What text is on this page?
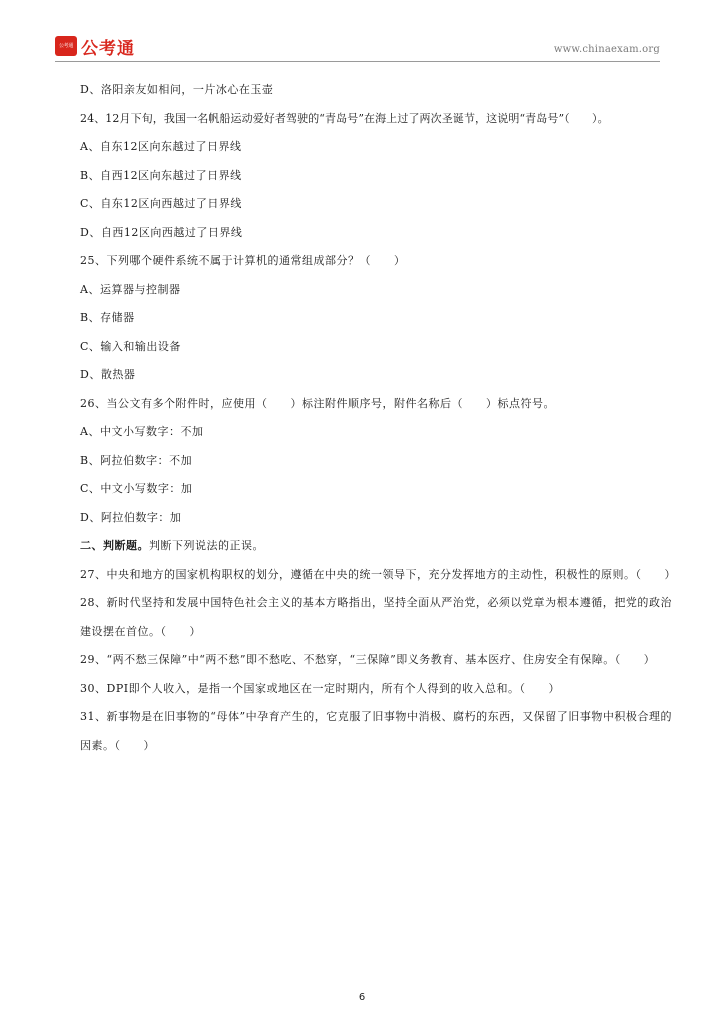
公考通 公考通	www.chinaexam.org
D、洛阳亲友如相问，一片冰心在玉壶
24、12月下旬，我国一名帆船运动爱好者驾驶的“青岛号”在海上过了两次圣诞节，这说明“青岛号”（　　）。
A、自东12区向东越过了日界线
B、自西12区向东越过了日界线
C、自东12区向西越过了日界线
D、自西12区向西越过了日界线
25、下列哪个硬件系统不属于计算机的通常组成部分？（　　）
A、运算器与控制器
B、存储器
C、输入和输出设备
D、散热器
26、当公文有多个附件时，应使用（　　）标注附件顺序号，附件名称后（　　）标点符号。
A、中文小写数字：不加
B、阿拉伯数字：不加
C、中文小写数字：加
D、阿拉伯数字：加
二、判断题。判断下列说法的正误。
27、中央和地方的国家机构职权的划分，遵循在中央的统一领导下，充分发挥地方的主动性，积极性的原则。（　　）
28、新时代坚持和发展中国特色社会主义的基本方略指出，坚持全面从严治党，必须以党章为根本遵循，把党的政治建设摆在首位。（　　）
29、“两不愁三保障”中“两不愁”即不愁吃、不愁穿，“三保障”即义务教育、基本医疗、住房安全有保障。（　　）
30、DPI即个人收入，是指一个国家或地区在一定时期内，所有个人得到的收入总和。（　　）
31、新事物是在旧事物的“母体”中孕育产生的，它克服了旧事物中消极、腐朽的东西，又保留了旧事物中积极合理的因素。（　　）
6
